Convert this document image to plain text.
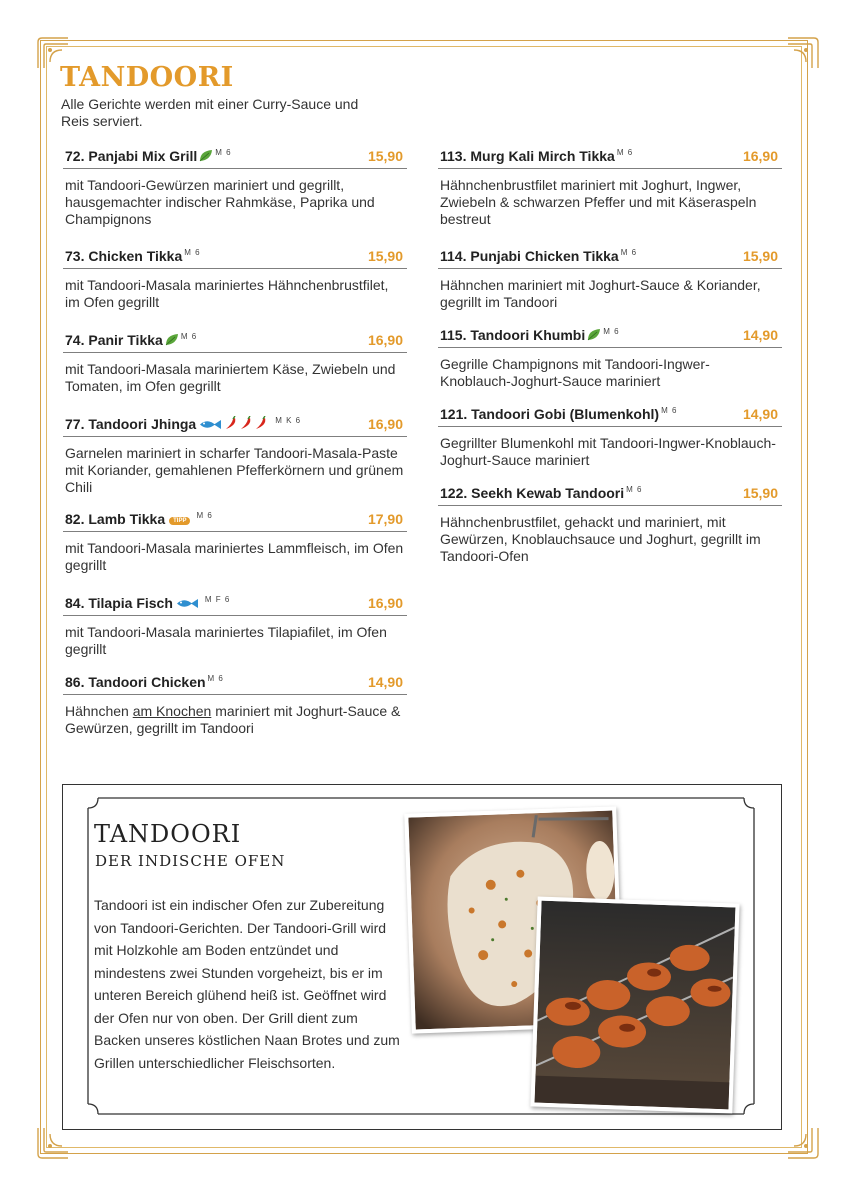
TANDOORI
Alle Gerichte werden mit einer Curry-Sauce und Reis serviert.
72. Panjabi Mix Grill $^{M 6}$	15,90
mit Tandoori-Gewürzen mariniert und gegrillt, hausgemachter indischer Rahmkäse, Paprika und Champignons
73. Chicken Tikka $^{M 6}$	15,90
mit Tandoori-Masala mariniertes Hähnchenbrustfilet, im Ofen gegrillt
74. Panir Tikka $^{M 6}$	16,90
mit Tandoori-Masala mariniertem Käse, Zwiebeln und Tomaten, im Ofen gegrillt
77. Tandoori Jhinga	$^{M K 6}$	16,90
Garnelen mariniert in scharfer Tandoori-Masala-Paste mit Koriander, gemahlenen Pfefferkörnern und grünem Chili
82. Lamb Tikka $TIPP^{M 6}$	17,90
mit Tandoori-Masala mariniertes Lammfleisch, im Ofen gegrillt
84. Tilapia Fisch	$^{M F 6}$	16,90
mit Tandoori-Masala mariniertes Tilapiafilet, im Ofen gegrillt
86. Tandoori Chicken $^{M 6}$	14,90
Hähnchen am Knochen mariniert mit Joghurt-Sauce & Gewürzen, gegrillt im Tandoori
113. Murg Kali Mirch Tikka $^{M 6}$	16,90
Hähnchenbrustfilet mariniert mit Joghurt, Ingwer, Zwiebeln & schwarzen Pfeffer und mit Käseraspeln bestreut
114. Punjabi Chicken Tikka $^{M 6}$	15,90
Hähnchen mariniert mit Joghurt-Sauce & Koriander, gegrillt im Tandoori
115. Tandoori Khumbi $^{M 6}$	14,90
Gegrille Champignons mit Tandoori-Ingwer-Knoblauch-Joghurt-Sauce mariniert
121. Tandoori Gobi (Blumenkohl) $^{M 6}$	14,90
Gegrillter Blumenkohl mit Tandoori-Ingwer-Knoblauch-Joghurt-Sauce mariniert
122. Seekh Kewab Tandoori $^{M 6}$	15,90
Hähnchenbrustfilet, gehackt und mariniert, mit Gewürzen, Knoblauchsauce und Joghurt, gegrillt im Tandoori-Ofen
TANDOORI
DER INDISCHE OFEN
Tandoori ist ein indischer Ofen zur Zubereitung von Tandoori-Gerichten. Der Tandoori-Grill wird mit Holzkohle am Boden entzündet und mindestens zwei Stunden vorgeheizt, bis er im unteren Bereich glühend heiß ist. Geöffnet wird der Ofen nur von oben. Der Grill dient zum Backen unseres köstlichen Naan Brotes und zum Grillen unterschiedlicher Fleischsorten.
